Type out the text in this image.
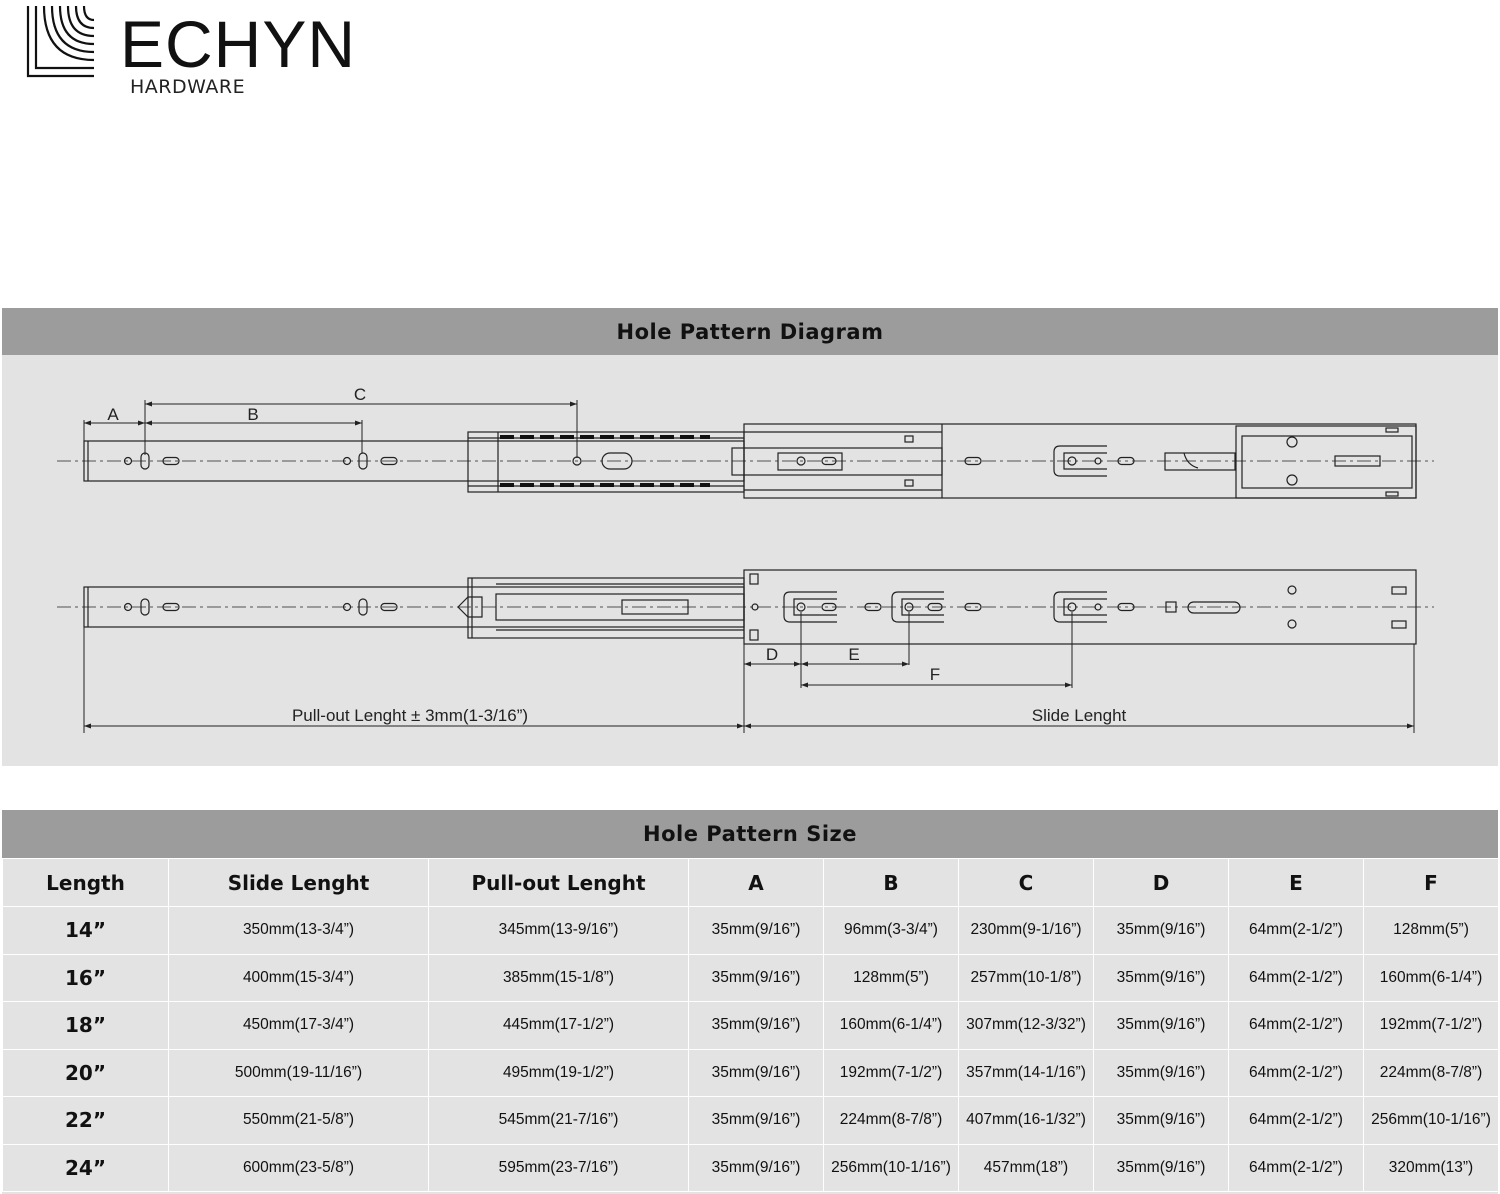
ECHYN
HARDWARE
A	B
C
D	E
F
Pull-out Lenght ± 3mm(1-3/16”)	Slide Lenght
Hole Pattern Diagram
Hole Pattern Size
Length	Slide Lenght	Pull-out Lenght	A	B	C	D	E	F
14”	350mm(13-3/4”)	345mm(13-9/16”)	35mm(9/16”)	96mm(3-3/4”)	230mm(9-1/16”)	35mm(9/16”)	64mm(2-1/2”)	128mm(5”)
16”	400mm(15-3/4”)	385mm(15-1/8”)	35mm(9/16”)	128mm(5”)	257mm(10-1/8”)	35mm(9/16”)	64mm(2-1/2”)	160mm(6-1/4”)
18”	450mm(17-3/4”)	445mm(17-1/2”)	35mm(9/16”)	160mm(6-1/4”)	307mm(12-3/32”)	35mm(9/16”)	64mm(2-1/2”)	192mm(7-1/2”)
20”	500mm(19-11/16”)	495mm(19-1/2”)	35mm(9/16”)	192mm(7-1/2”)	357mm(14-1/16”)	35mm(9/16”)	64mm(2-1/2”)	224mm(8-7/8”)
22”	550mm(21-5/8”)	545mm(21-7/16”)	35mm(9/16”)	224mm(8-7/8”)	407mm(16-1/32”)	35mm(9/16”)	64mm(2-1/2”)	256mm(10-1/16”)
24”	600mm(23-5/8”)	595mm(23-7/16”)	35mm(9/16”)	256mm(10-1/16”)	457mm(18”)	35mm(9/16”)	64mm(2-1/2”)	320mm(13”)
